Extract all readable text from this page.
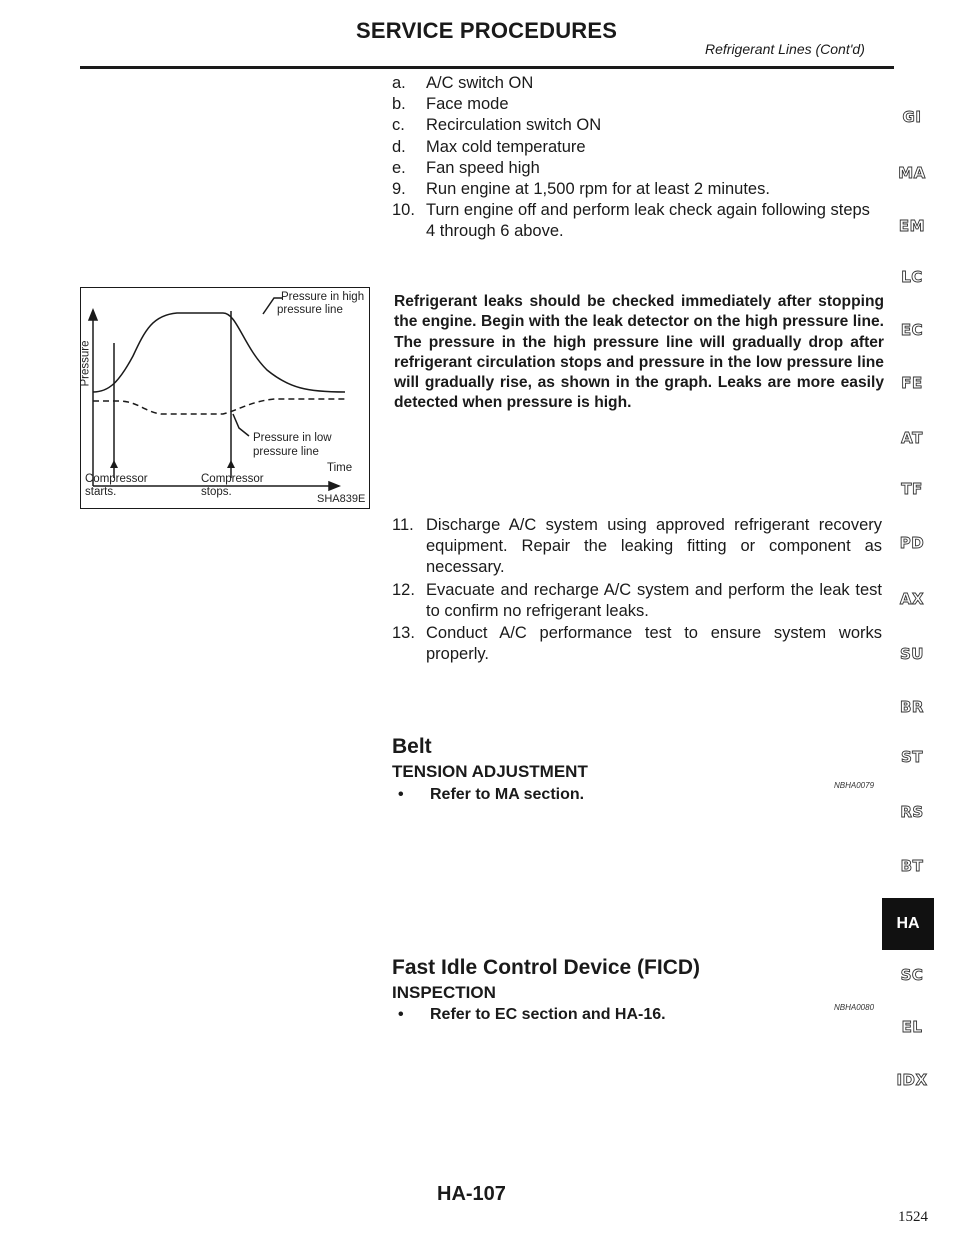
SERVICE PROCEDURES
Refrigerant Lines (Cont'd)
a. A/C switch ON
b. Face mode
c. Recirculation switch ON
d. Max cold temperature
e. Fan speed high
9. Run engine at 1,500 rpm for at least 2 minutes.
10. Turn engine off and perform leak check again following steps 4 through 6 above.
Pressure
Pressure in high
pressure line
Pressure in low
pressure line
Time
Compressor
starts.
Compressor
stops.
SHA839E
Refrigerant leaks should be checked immediately after stopping the engine. Begin with the leak detector on the high pressure line. The pressure in the high pressure line will gradually drop after refrigerant circulation stops and pressure in the low pressure line will gradually rise, as shown in the graph. Leaks are more easily detected when pressure is high.
11. Discharge A/C system using approved refrigerant recovery equipment. Repair the leaking fitting or component as necessary.
12. Evacuate and recharge A/C system and perform the leak test to confirm no refrigerant leaks.
13. Conduct A/C performance test to ensure system works properly.
Belt
TENSION ADJUSTMENT
NBHA0079
• Refer to MA section.
Fast Idle Control Device (FICD)
INSPECTION
NBHA0080
• Refer to EC section and HA-16.
GI
MA
EM
LC
EC
FE
AT
TF
PD
AX
SU
BR
ST
RS
BT
SC
EL
IDX
HA
HA-107
1524
